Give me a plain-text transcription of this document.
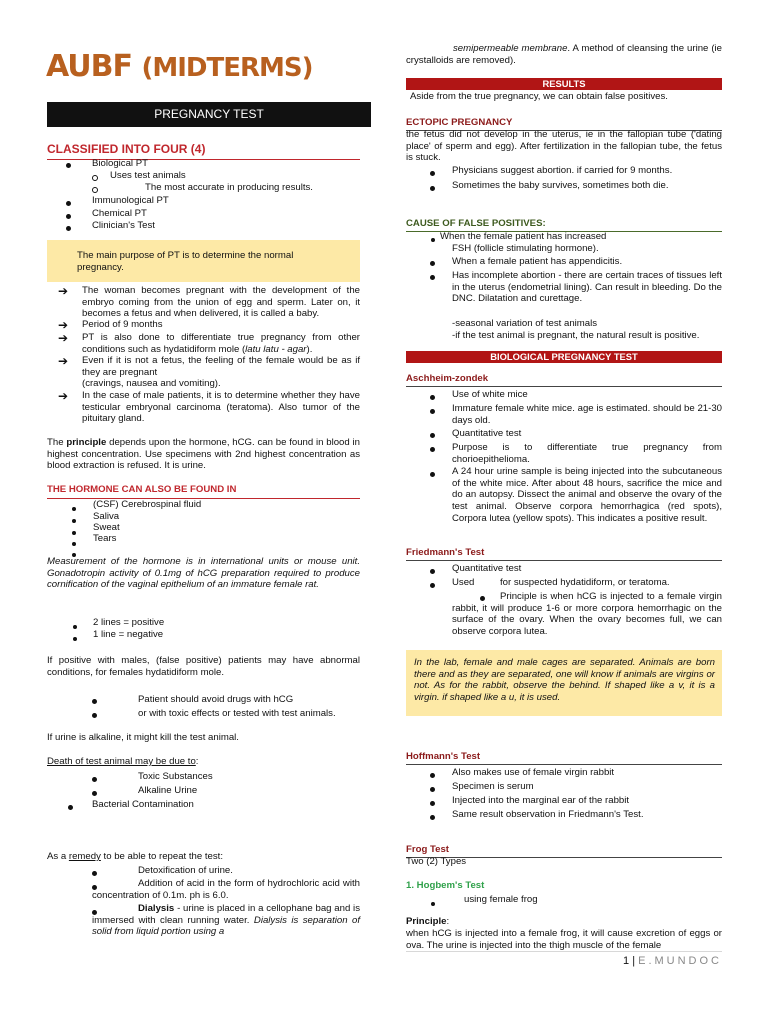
AUBF (MIDTERMS)
PREGNANCY TEST
CLASSIFIED INTO FOUR (4)
Biological PT
Uses test animals
The most accurate in producing results.
Immunological PT
Chemical PT
Clinician's Test

The main purpose of PT is to determine the normal pregnancy.

➔ The woman becomes pregnant with the development of the embryo coming from the union of egg and sperm. Later on, it becomes a fetus and when delivered, it is called a baby.

➔ Period of 9 months

➔ PT is also done to differentiate true pregnancy from other conditions such as hydatidiform mole (latu latu - agar).

➔ Even if it is not a fetus, the feeling of the female would be as if they are pregnant

(cravings, nausea and vomiting).

➔ In the case of male patients, it is to determine whether they have testicular embryonal carcinoma (teratoma). Also tumor of the pituitary gland.

The principle depends upon the hormone, hCG. can be found in blood in highest concentration. Use specimens with 2nd highest concentration as blood extraction is refused. It is urine.

THE HORMONE CAN ALSO BE FOUND IN
(CSF) Cerebrospinal fluid
Saliva
Sweat
Tears

Measurement of the hormone is in international units or mouse unit. Gonadotropin activity of 0.1mg of hCG preparation required to produce cornification of the vaginal epithelium of an immature female rat.

2 lines = positive
1 line = negative

If positive with males, (false positive) patients may have abnormal conditions, for females hydatidiform mole.

Patient should avoid drugs with hCG
or with toxic effects or tested with test animals.

If urine is alkaline, it might kill the test animal.

Death of test animal may be due to:

Toxic Substances
Alkaline Urine
Bacterial Contamination

As a remedy to be able to repeat the test:

Detoxification of urine.

Addition of acid in the form of hydrochloric acid with concentration of 0.1m. ph is 6.0.

Dialysis - urine is placed in a cellophane bag and is immersed with clean running water. Dialysis is separation of solid from liquid portion using a

semipermeable membrane. A method of cleansing the urine (ie crystalloids are removed).

RESULTS

Aside from the true pregnancy, we can obtain false positives.

ECTOPIC PREGNANCY

the fetus did not develop in the uterus, ie in the fallopian tube ('dating place' of sperm and egg). After fertilization in the fallopian tube, the fetus is stuck.

Physicians suggest abortion. if carried for 9 months.
Sometimes the baby survives, sometimes both die.
CAUSE OF FALSE POSITIVES:
When the female patient has increased
FSH (follicle stimulating hormone).
When a female patient has appendicitis.

Has incomplete abortion - there are certain traces of tissues left in the uterus (endometrial lining). Can result in bleeding. Do the DNC. Dilatation and curettage.

-seasonal variation of test animals

-if the test animal is pregnant, the natural result is positive.

BIOLOGICAL PREGNANCY TEST
Aschheim-zondek
Use of white mice

Immature female white mice. age is estimated. should be 21-30 days old.

Quantitative test

Purpose is to differentiate true pregnancy from chorioepithelioma.

A 24 hour urine sample is being injected into the subcutaneous of the white mice. After about 48 hours, sacrifice the mice and do an autopsy. Dissect the animal and observe the ovary of the test animal. Observe corpora hemorrhagica (red spots), Corpora lutea (yellow spots). This indicates a positive result.

Friedmann's Test
Quantitative test
Used	for suspected hydatidiform, or teratoma.

Principle is when hCG is injected to a female virgin rabbit, it will produce 1-6 or more corpora hemorrhagic on the surface of the ovary. When the ovary becomes full, we can observe corpora lutea.

In the lab, female and male cages are separated. Animals are born there and as they are separated, one will know if animals are virgins or not. As for the rabbit, observe the behind. If shaped like a v, it is a virgin. if shaped like a u, it is used.

Hoffmann's Test
Also makes use of female virgin rabbit
Specimen is serum
Injected into the marginal ear of the rabbit

Same result observation in Friedmann's Test.

Frog Test

Two (2) Types

1. Hogbem's Test
using female frog

Principle:

when hCG is injected into a female frog, it will cause excretion of eggs or ova. The urine is injected into the thigh muscle of the female

1 | E.MUNDOC
